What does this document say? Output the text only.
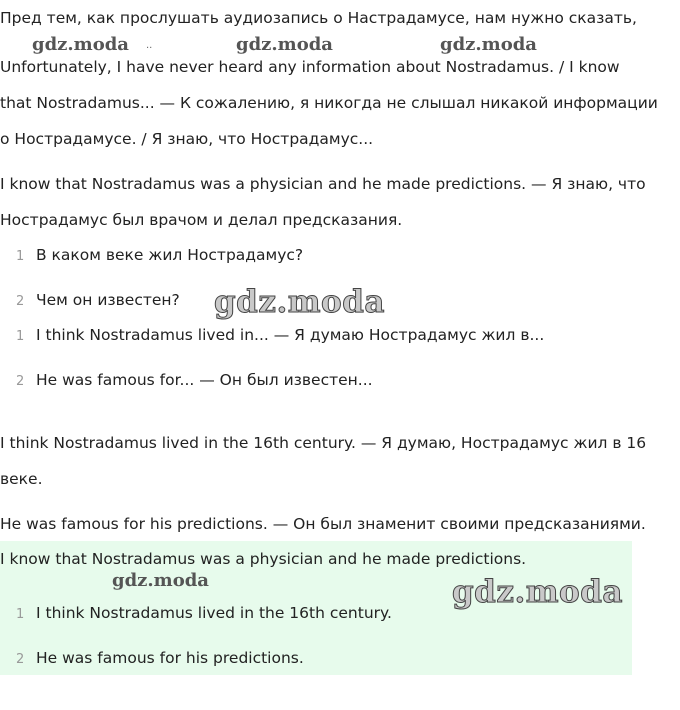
Пред тем, как прослушать аудиозапись о Настрадамусе, нам нужно сказать,
Unfortunately, I have never heard any information about Nostradamus. / I know
that Nostradamus... — К сожалению, я никогда не слышал никакой информации
о Нострадамусе. / Я знаю, что Нострадамус...
I know that Nostradamus was a physician and he made predictions. — Я знаю, что
Нострадамус был врачом и делал предсказания.
1 В каком веке жил Нострадамус?
2 Чем он известен?
1 I think Nostradamus lived in... — Я думаю Нострадамус жил в...
2 He was famous for... — Он был известен...
I think Nostradamus lived in the 16th century. — Я думаю, Нострадамус жил в 16
веке.
He was famous for his predictions. — Он был знаменит своими предсказаниями.
I know that Nostradamus was a physician and he made predictions.
1 I think Nostradamus lived in the 16th century.
2 He was famous for his predictions.
gdz.moda ..	gdz.moda	gdz.moda
gdz.moda
gdz.moda	gdz.moda
